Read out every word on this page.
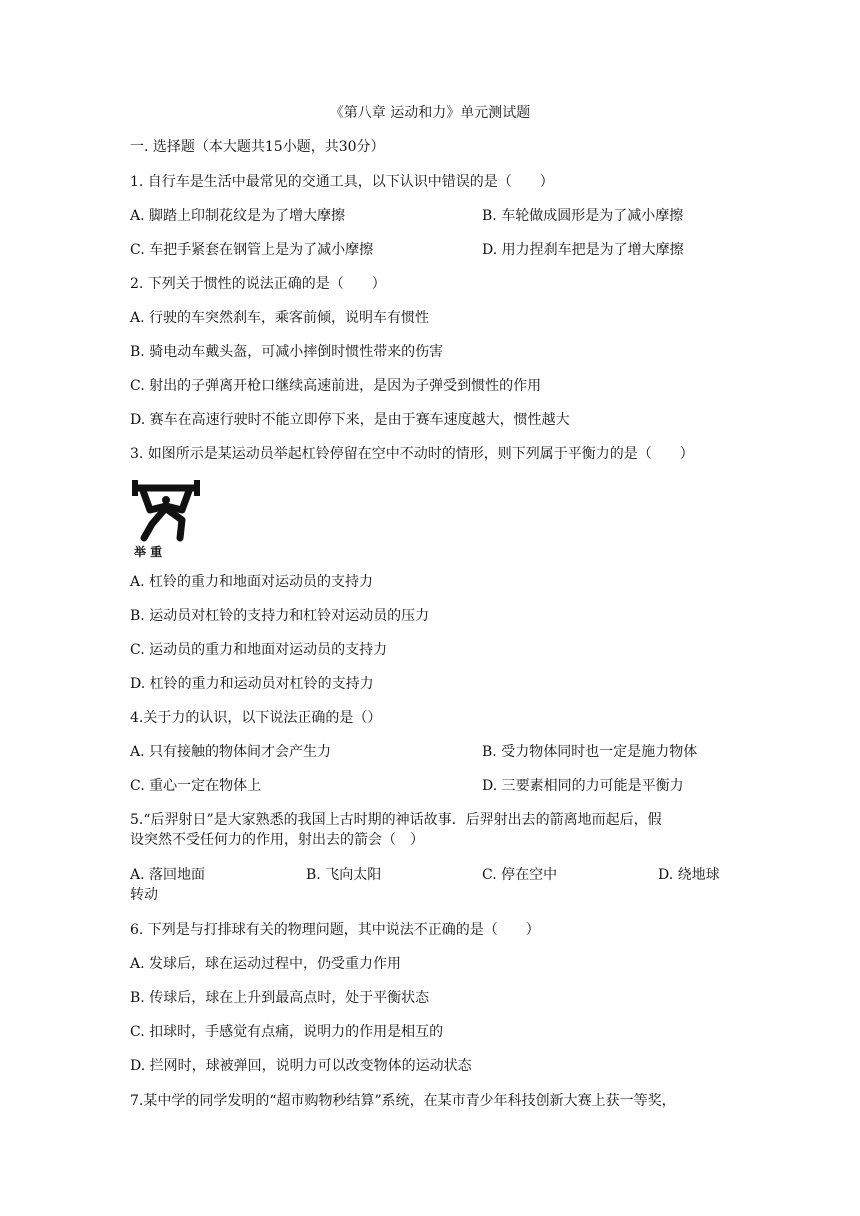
《第八章 运动和力》单元测试题
一. 选择题（本大题共15小题，共30分）
1. 自行车是生活中最常见的交通工具，以下认识中错误的是（　　）
A. 脚踏上印制花纹是为了增大摩擦	B. 车轮做成圆形是为了减小摩擦
C. 车把手紧套在钢管上是为了减小摩擦	D. 用力捏刹车把是为了增大摩擦
2. 下列关于惯性的说法正确的是（　　）
A. 行驶的车突然刹车，乘客前倾，说明车有惯性
B. 骑电动车戴头盔，可减小摔倒时惯性带来的伤害
C. 射出的子弹离开枪口继续高速前进，是因为子弹受到惯性的作用
D. 赛车在高速行驶时不能立即停下来，是由于赛车速度越大，惯性越大
3. 如图所示是某运动员举起杠铃停留在空中不动时的情形，则下列属于平衡力的是（　　）
举 重
A. 杠铃的重力和地面对运动员的支持力
B. 运动员对杠铃的支持力和杠铃对运动员的压力
C. 运动员的重力和地面对运动员的支持力
D. 杠铃的重力和运动员对杠铃的支持力
4.关于力的认识，以下说法正确的是（）
A. 只有接触的物体间才会产生力	B. 受力物体同时也一定是施力物体
C. 重心一定在物体上	D. 三要素相同的力可能是平衡力
5.“后羿射日”是大家熟悉的我国上古时期的神话故事．后羿射出去的箭离地而起后，假
设突然不受任何力的作用，射出去的箭会（　）
A. 落回地面	B. 飞向太阳	C. 停在空中	D. 绕地球
转动
6. 下列是与打排球有关的物理问题，其中说法不正确的是（　　）
A. 发球后，球在运动过程中，仍受重力作用
B. 传球后，球在上升到最高点时，处于平衡状态
C. 扣球时，手感觉有点痛，说明力的作用是相互的
D. 拦网时，球被弹回，说明力可以改变物体的运动状态
7.某中学的同学发明的“超市购物秒结算”系统，在某市青少年科技创新大赛上获一等奖，
